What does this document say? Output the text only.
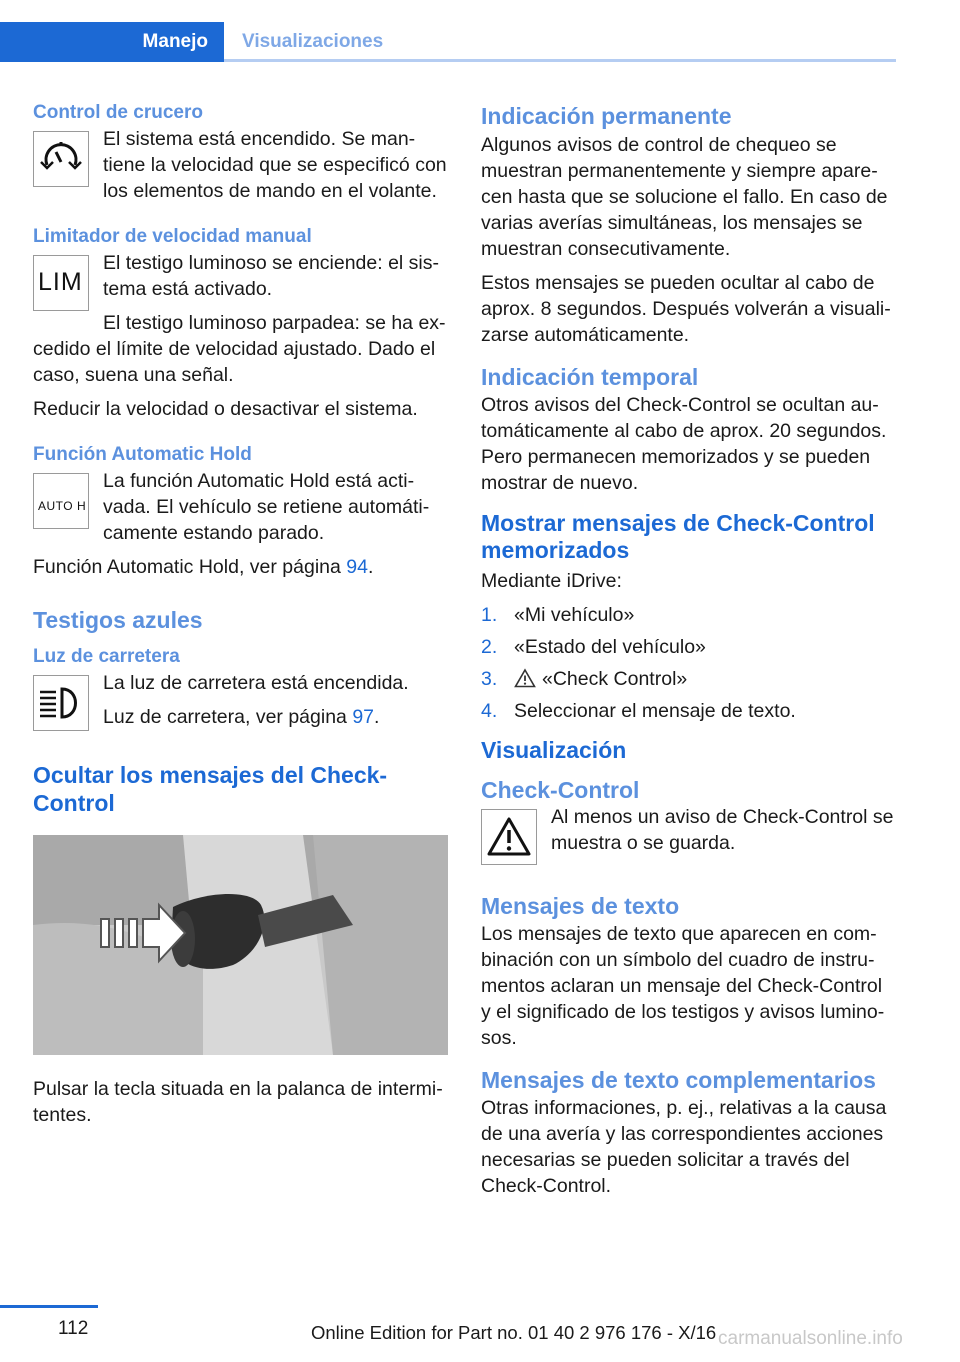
Manejo Visualizaciones
Control de crucero

El sistema está encendido. Se mantiene la velocidad que se especificó con los elementos de mando en el volante.

Limitador de velocidad manual
LIM

El testigo luminoso se enciende: el sistema está activado.

El testigo luminoso parpadea: se ha excedido el límite de velocidad ajustado. Dado el caso, suena una señal.

Reducir la velocidad o desactivar el sistema.

Función Automatic Hold
AUTO H

La función Automatic Hold está activada. El vehículo se retiene automáticamente estando parado.

Función Automatic Hold, ver página 94.

Testigos azules
Luz de carretera

La luz de carretera está encendida.

Luz de carretera, ver página 97.

Ocultar los mensajes del Check-Control

Pulsar la tecla situada en la palanca de intermitentes.

Indicación permanente

Algunos avisos de control de chequeo se muestran permanentemente y siempre aparecen hasta que se solucione el fallo. En caso de varias averías simultáneas, los mensajes se muestran consecutivamente.

Estos mensajes se pueden ocultar al cabo de aprox. 8 segundos. Después volverán a visualizarse automáticamente.

Indicación temporal

Otros avisos del Check-Control se ocultan automáticamente al cabo de aprox. 20 segundos. Pero permanecen memorizados y se pueden mostrar de nuevo.

Mostrar mensajes de Check-Control memorizados

Mediante iDrive:

1. «Mi vehículo»
2. «Estado del vehículo»
3. «Check Control»
4. Seleccionar el mensaje de texto.
Visualización
Check-Control

Al menos un aviso de Check-Control se muestra o se guarda.

Mensajes de texto

Los mensajes de texto que aparecen en combinación con un símbolo del cuadro de instrumentos aclaran un mensaje del Check-Control y el significado de los testigos y avisos luminosos.

Mensajes de texto complementarios

Otras informaciones, p. ej., relativas a la causa de una avería y las correspondientes acciones necesarias se pueden solicitar a través del Check-Control.

112	Online Edition for Part no. 01 40 2 976 176 - X/16 carmanualsonline.info
